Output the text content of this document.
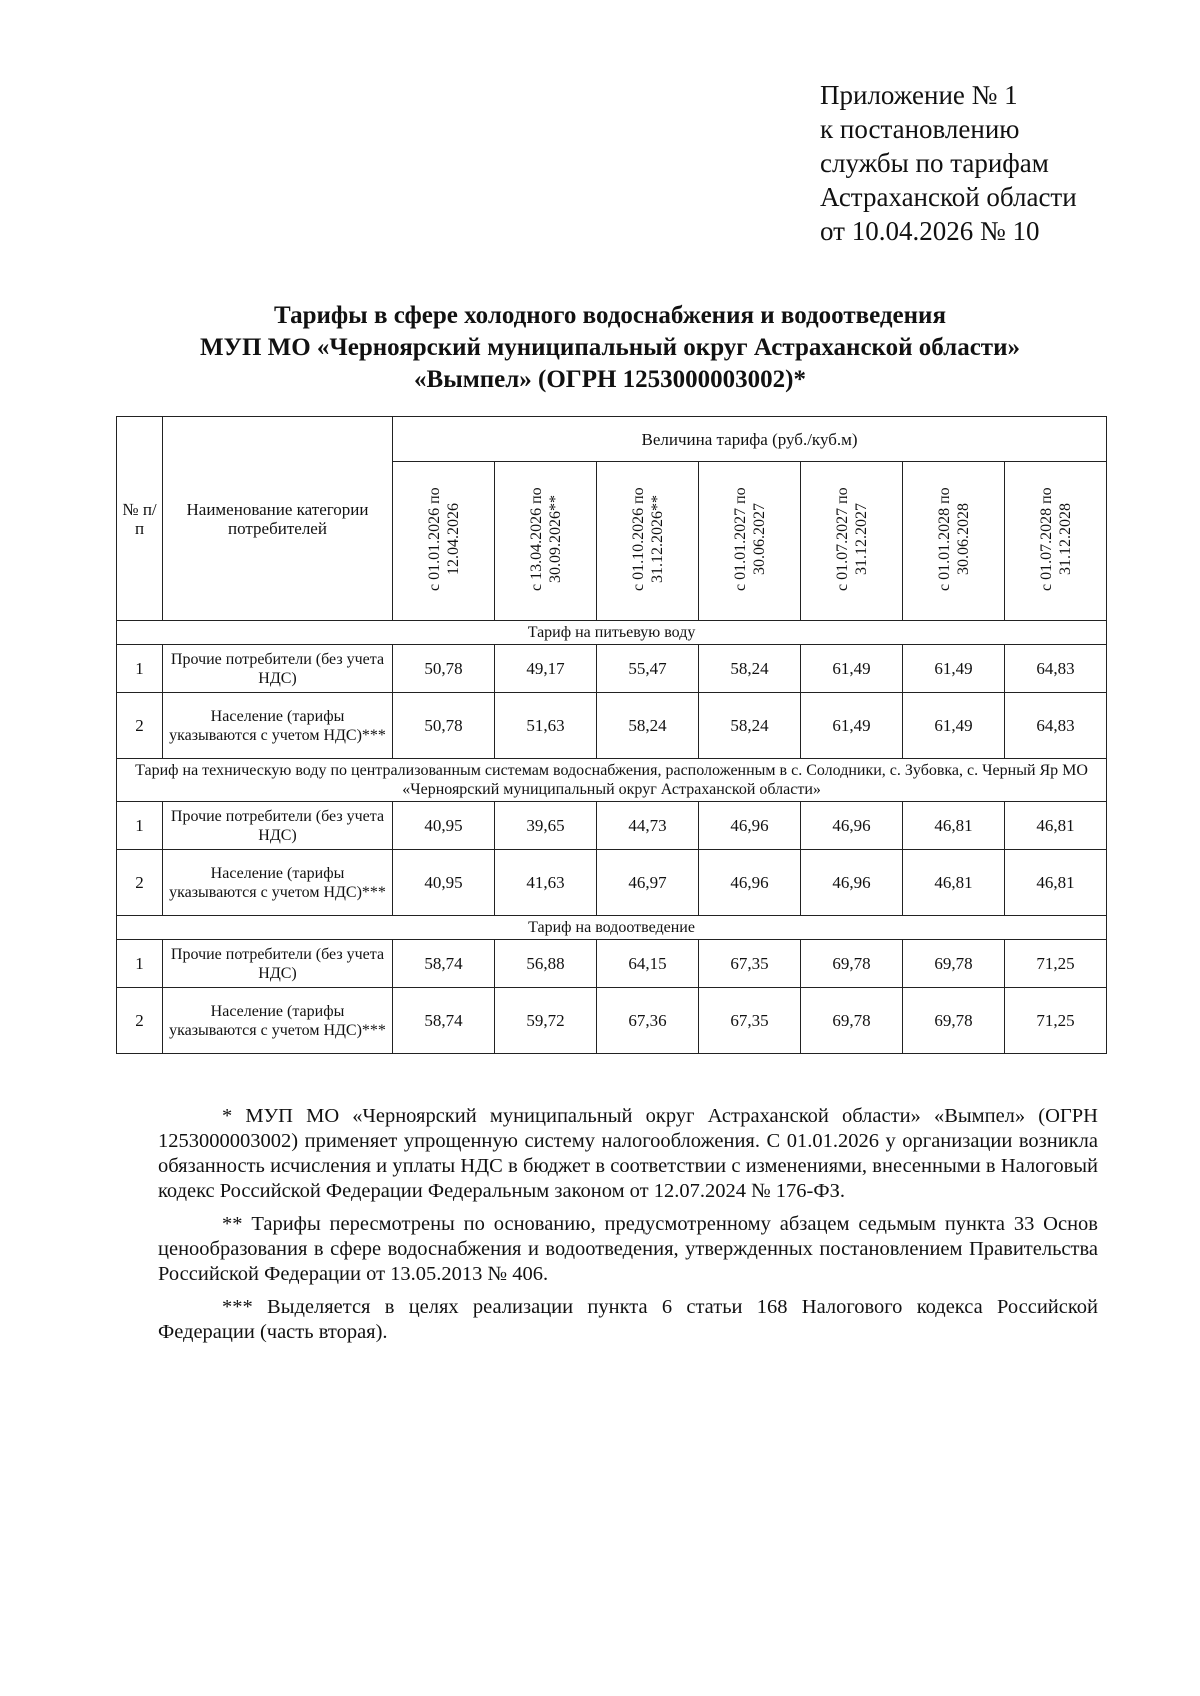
Приложение № 1
к постановлению
службы по тарифам
Астраханской области
от 10.04.2026 № 10
Тарифы в сфере холодного водоснабжения и водоотведения
МУП МО «Черноярский муниципальный округ Астраханской области»
«Вымпел» (ОГРН 1253000003002)*
№ п/п	Наименование категории потребителей	Величина тарифа (руб./куб.м)						
		с 01.01.2026 по 12.04.2026	с 13.04.2026 по 30.09.2026**	с 01.10.2026 по 31.12.2026**	с 01.01.2027 по 30.06.2027	с 01.07.2027 по 31.12.2027	с 01.01.2028 по 30.06.2028	с 01.07.2028 по 31.12.2028
Тариф на питьевую воду								
1	Прочие потребители (без учета НДС)	50,78	49,17	55,47	58,24	61,49	61,49	64,83
2	Население (тарифы указываются с учетом НДС)***	50,78	51,63	58,24	58,24	61,49	61,49	64,83
Тариф на техническую воду по централизованным системам водоснабжения, расположенным в с. Солодники, с. Зубовка, с. Черный Яр МО «Черноярский муниципальный округ Астраханской области»								
1	Прочие потребители (без учета НДС)	40,95	39,65	44,73	46,96	46,96	46,81	46,81
2	Население (тарифы указываются с учетом НДС)***	40,95	41,63	46,97	46,96	46,96	46,81	46,81
Тариф на водоотведение								
1	Прочие потребители (без учета НДС)	58,74	56,88	64,15	67,35	69,78	69,78	71,25
2	Население (тарифы указываются с учетом НДС)***	58,74	59,72	67,36	67,35	69,78	69,78	71,25

* МУП МО «Черноярский муниципальный округ Астраханской области» «Вымпел» (ОГРН 1253000003002) применяет упрощенную систему налогообложения. С 01.01.2026 у организации возникла обязанность исчисления и уплаты НДС в бюджет в соответствии с изменениями, внесенными в Налоговый кодекс Российской Федерации Федеральным законом от 12.07.2024 № 176-ФЗ.

** Тарифы пересмотрены по основанию, предусмотренному абзацем седьмым пункта 33 Основ ценообразования в сфере водоснабжения и водоотведения, утвержденных постановлением Правительства Российской Федерации от 13.05.2013 № 406.

*** Выделяется в целях реализации пункта 6 статьи 168 Налогового кодекса Российской Федерации (часть вторая).
